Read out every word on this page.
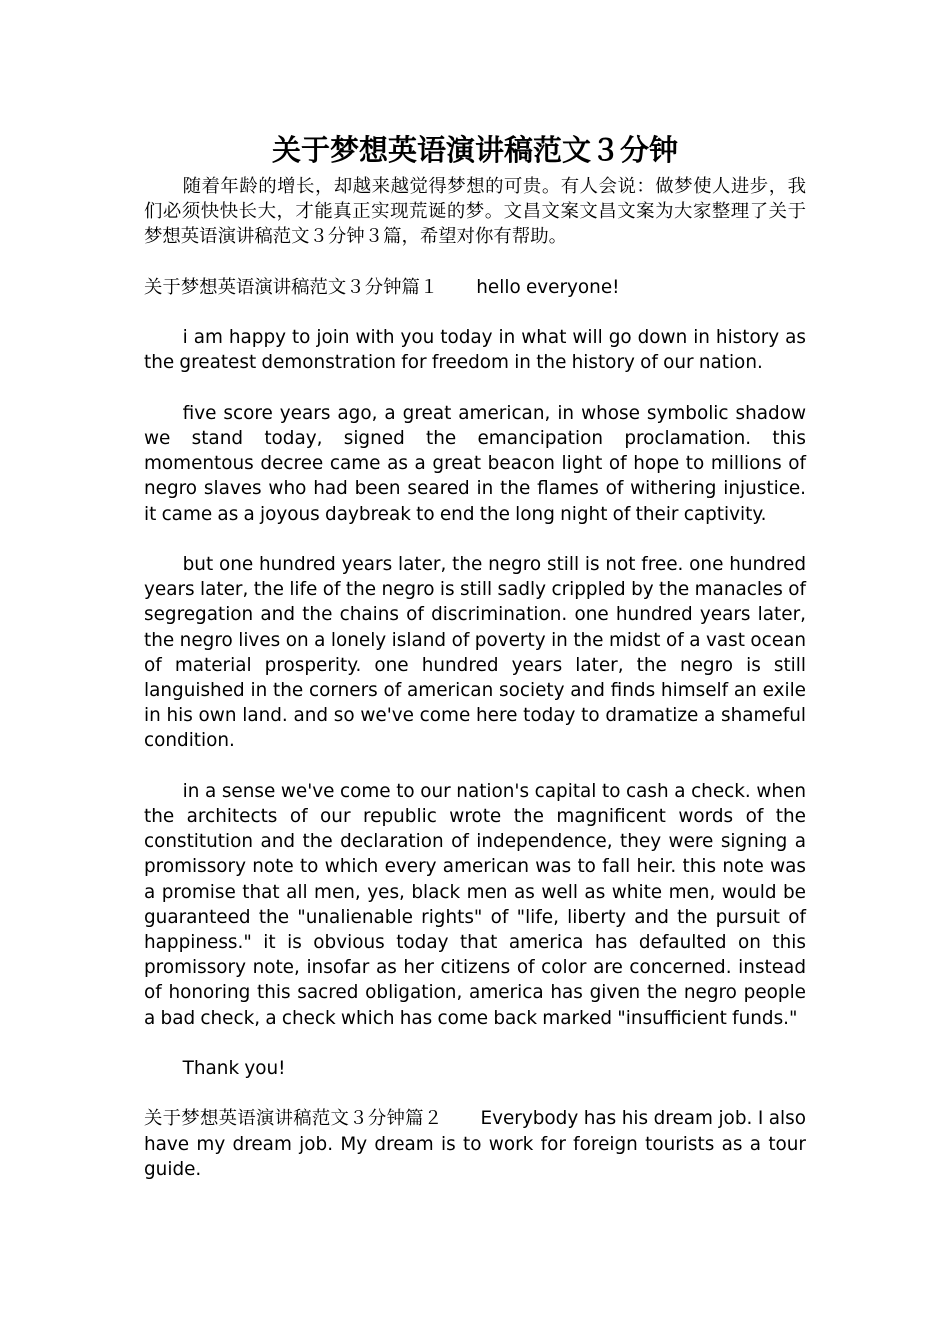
关于梦想英语演讲稿范文３分钟

随着年龄的增长，却越来越觉得梦想的可贵。有人会说：做梦使人进步，我们必须快快长大，才能真正实现荒诞的梦。文昌文案文昌文案为大家整理了关于梦想英语演讲稿范文３分钟３篇，希望对你有帮助。

关于梦想英语演讲稿范文３分钟篇１ hello everyone!

i am happy to join with you today in what will go down in history as the greatest demonstration for freedom in the history of our nation.

five score years ago, a great american, in whose symbolic shadow we stand today, signed the emancipation proclamation. this momentous decree came as a great beacon light of hope to millions of negro slaves who had been seared in the flames of withering injustice. it came as a joyous daybreak to end the long night of their captivity.

but one hundred years later, the negro still is not free. one hundred years later, the life of the negro is still sadly crippled by the manacles of segregation and the chains of discrimination. one hundred years later, the negro lives on a lonely island of poverty in the midst of a vast ocean of material prosperity. one hundred years later, the negro is still languished in the corners of american society and finds himself an exile in his own land. and so we've come here today to dramatize a shameful condition.

in a sense we've come to our nation's capital to cash a check. when the architects of our republic wrote the magnificent words of the constitution and the declaration of independence, they were signing a promissory note to which every american was to fall heir. this note was a promise that all men, yes, black men as well as white men, would be guaranteed the "unalienable rights" of "life, liberty and the pursuit of happiness." it is obvious today that america has defaulted on this promissory note, insofar as her citizens of color are concerned. instead of honoring this sacred obligation, america has given the negro people a bad check, a check which has come back marked "insufficient funds."

Thank you!

关于梦想英语演讲稿范文３分钟篇２ Everybody has his dream job. I also have my dream job. My dream is to work for foreign tourists as a tour guide.
